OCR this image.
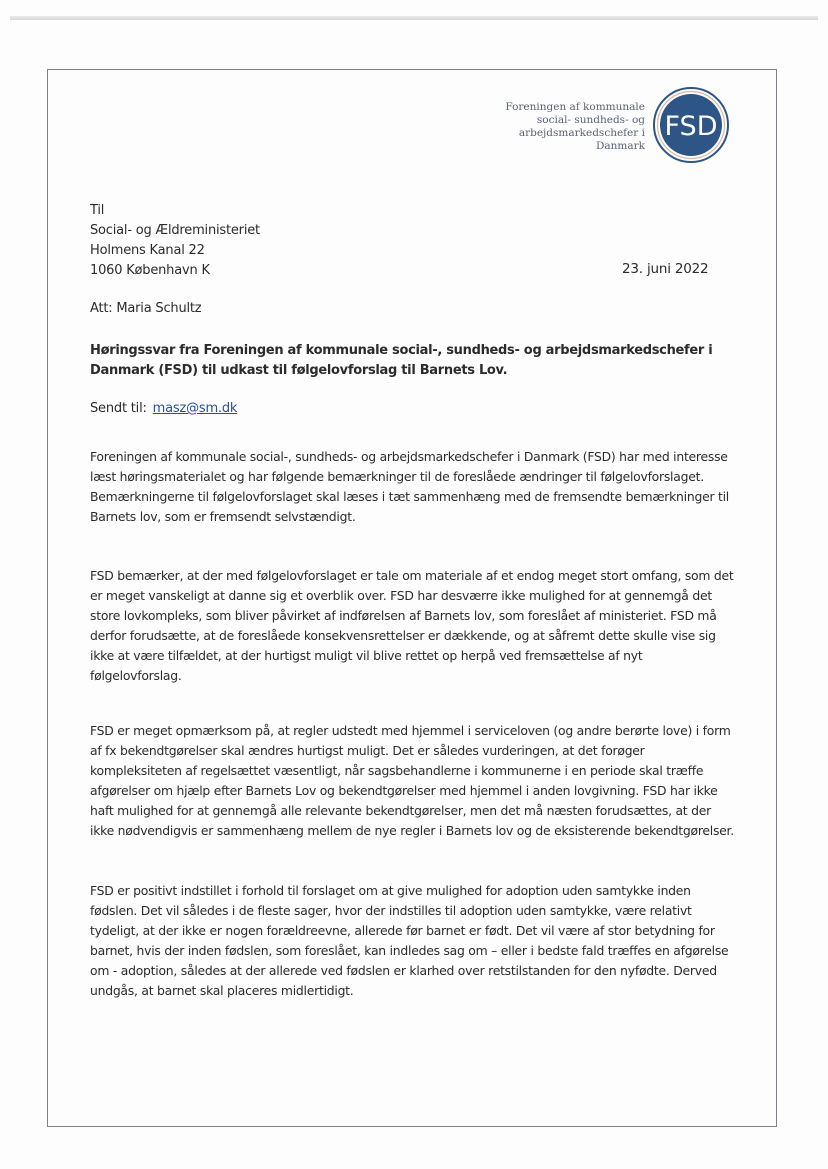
Foreningen af kommunale
social- sundheds- og
arbejdsmarkedschefer i Danmark
FSD
Til
Social- og Ældreministeriet
Holmens Kanal 22
1060 København K	23. juni 2022
Att: Maria Schultz
Høringssvar fra Foreningen af kommunale social-, sundheds- og arbejdsmarkedschefer i
Danmark (FSD) til udkast til følgelovforslag til Barnets Lov.
Sendt til: masz@sm.dk
Foreningen af kommunale social-, sundheds- og arbejdsmarkedschefer i Danmark (FSD) har med interesse
læst høringsmaterialet og har følgende bemærkninger til de foreslåede ændringer til følgelovforslaget.
Bemærkningerne til følgelovforslaget skal læses i tæt sammenhæng med de fremsendte bemærkninger til
Barnets lov, som er fremsendt selvstændigt.
FSD bemærker, at der med følgelovforslaget er tale om materiale af et endog meget stort omfang, som det
er meget vanskeligt at danne sig et overblik over. FSD har desværre ikke mulighed for at gennemgå det
store lovkompleks, som bliver påvirket af indførelsen af Barnets lov, som foreslået af ministeriet. FSD må
derfor forudsætte, at de foreslåede konsekvensrettelser er dækkende, og at såfremt dette skulle vise sig
ikke at være tilfældet, at der hurtigst muligt vil blive rettet op herpå ved fremsættelse af nyt
følgelovforslag.
FSD er meget opmærksom på, at regler udstedt med hjemmel i serviceloven (og andre berørte love) i form
af fx bekendtgørelser skal ændres hurtigst muligt. Det er således vurderingen, at det forøger
kompleksiteten af regelsættet væsentligt, når sagsbehandlerne i kommunerne i en periode skal træffe
afgørelser om hjælp efter Barnets Lov og bekendtgørelser med hjemmel i anden lovgivning. FSD har ikke
haft mulighed for at gennemgå alle relevante bekendtgørelser, men det må næsten forudsættes, at der
ikke nødvendigvis er sammenhæng mellem de nye regler i Barnets lov og de eksisterende bekendtgørelser.
FSD er positivt indstillet i forhold til forslaget om at give mulighed for adoption uden samtykke inden
fødslen. Det vil således i de fleste sager, hvor der indstilles til adoption uden samtykke, være relativt
tydeligt, at der ikke er nogen forældreevne, allerede før barnet er født. Det vil være af stor betydning for
barnet, hvis der inden fødslen, som foreslået, kan indledes sag om – eller i bedste fald træffes en afgørelse
om - adoption, således at der allerede ved fødslen er klarhed over retstilstanden for den nyfødte. Derved
undgås, at barnet skal placeres midlertidigt.
